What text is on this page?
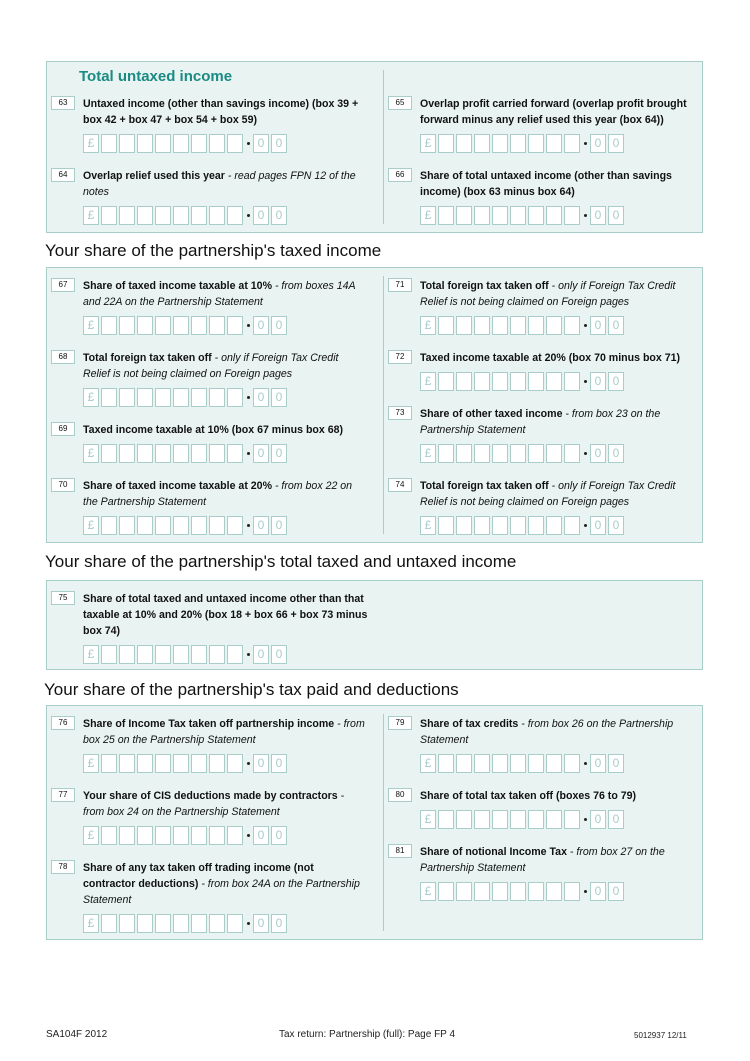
Total untaxed income
63	Untaxed income (other than savings income) (box 39 + box 42 + box 47 + box 54 + box 59)
£	0 0
64	Overlap relief used this year - read pages FPN 12 of the notes
£	0 0
65	Overlap profit carried forward (overlap profit brought forward minus any relief used this year (box 64))
£	0 0
66	Share of total untaxed income (other than savings income) (box 63 minus box 64)
£	0 0
Your share of the partnership's taxed income
67	Share of taxed income taxable at 10% - from boxes 14A and 22A on the Partnership Statement
£	0 0
68	Total foreign tax taken off - only if Foreign Tax Credit Relief is not being claimed on Foreign pages
£	0 0
69	Taxed income taxable at 10% (box 67 minus box 68)
£	0 0
70	Share of taxed income taxable at 20% - from box 22 on the Partnership Statement
£	0 0
71	Total foreign tax taken off - only if Foreign Tax Credit Relief is not being claimed on Foreign pages
£	0 0
72	Taxed income taxable at 20% (box 70 minus box 71)
£	0 0
73	Share of other taxed income - from box 23 on the Partnership Statement
£	0 0
74	Total foreign tax taken off - only if Foreign Tax Credit Relief is not being claimed on Foreign pages
£	0 0
Your share of the partnership's total taxed and untaxed income
75	Share of total taxed and untaxed income other than that taxable at 10% and 20% (box 18 + box 66 + box 73 minus box 74)
£	0 0
Your share of the partnership's tax paid and deductions
76	Share of Income Tax taken off partnership income - from box 25 on the Partnership Statement
£	0 0
77	Your share of CIS deductions made by contractors - from box 24 on the Partnership Statement
£	0 0
78	Share of any tax taken off trading income (not contractor deductions) - from box 24A on the Partnership Statement
£	0 0
79	Share of tax credits - from box 26 on the Partnership Statement
£	0 0
80	Share of total tax taken off (boxes 76 to 79)
£	0 0
81	Share of notional Income Tax - from box 27 on the Partnership Statement
£	0 0
SA104F 2012	Tax return: Partnership (full): Page FP 4	5012937 12/11
